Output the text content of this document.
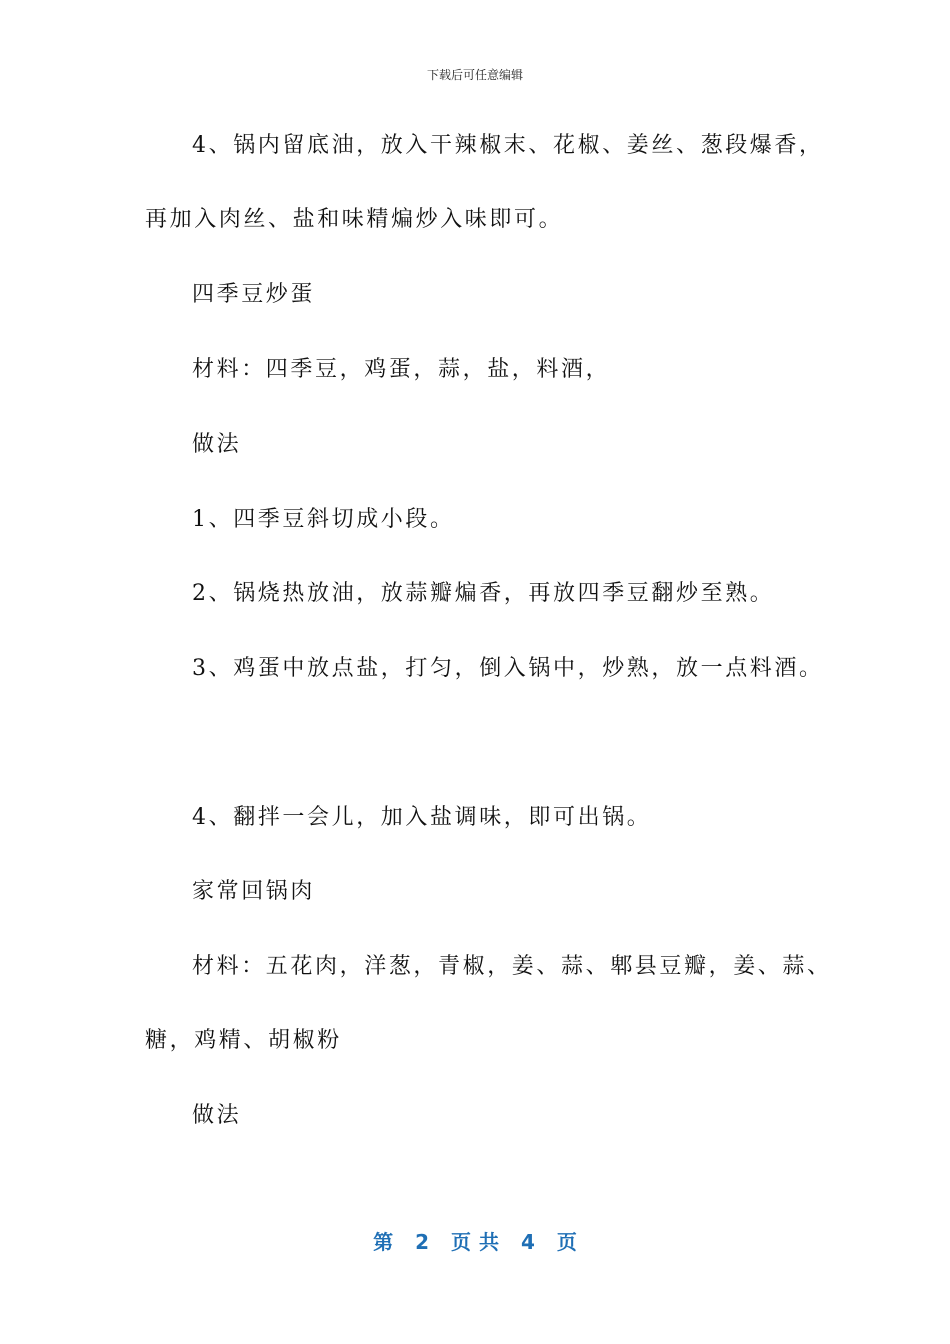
下载后可任意编辑
4、锅内留底油，放入干辣椒末、花椒、姜丝、葱段爆香，
再加入肉丝、盐和味精煸炒入味即可。
四季豆炒蛋
材料：四季豆，鸡蛋，蒜，盐，料酒，
做法
1、四季豆斜切成小段。
2、锅烧热放油，放蒜瓣煸香，再放四季豆翻炒至熟。
3、鸡蛋中放点盐，打匀，倒入锅中，炒熟，放一点料酒。
4、翻拌一会儿，加入盐调味，即可出锅。
家常回锅肉
材料：五花肉，洋葱，青椒，姜、蒜、郫县豆瓣，姜、蒜、
糖，鸡精、胡椒粉
做法
第 2 页共 4 页
